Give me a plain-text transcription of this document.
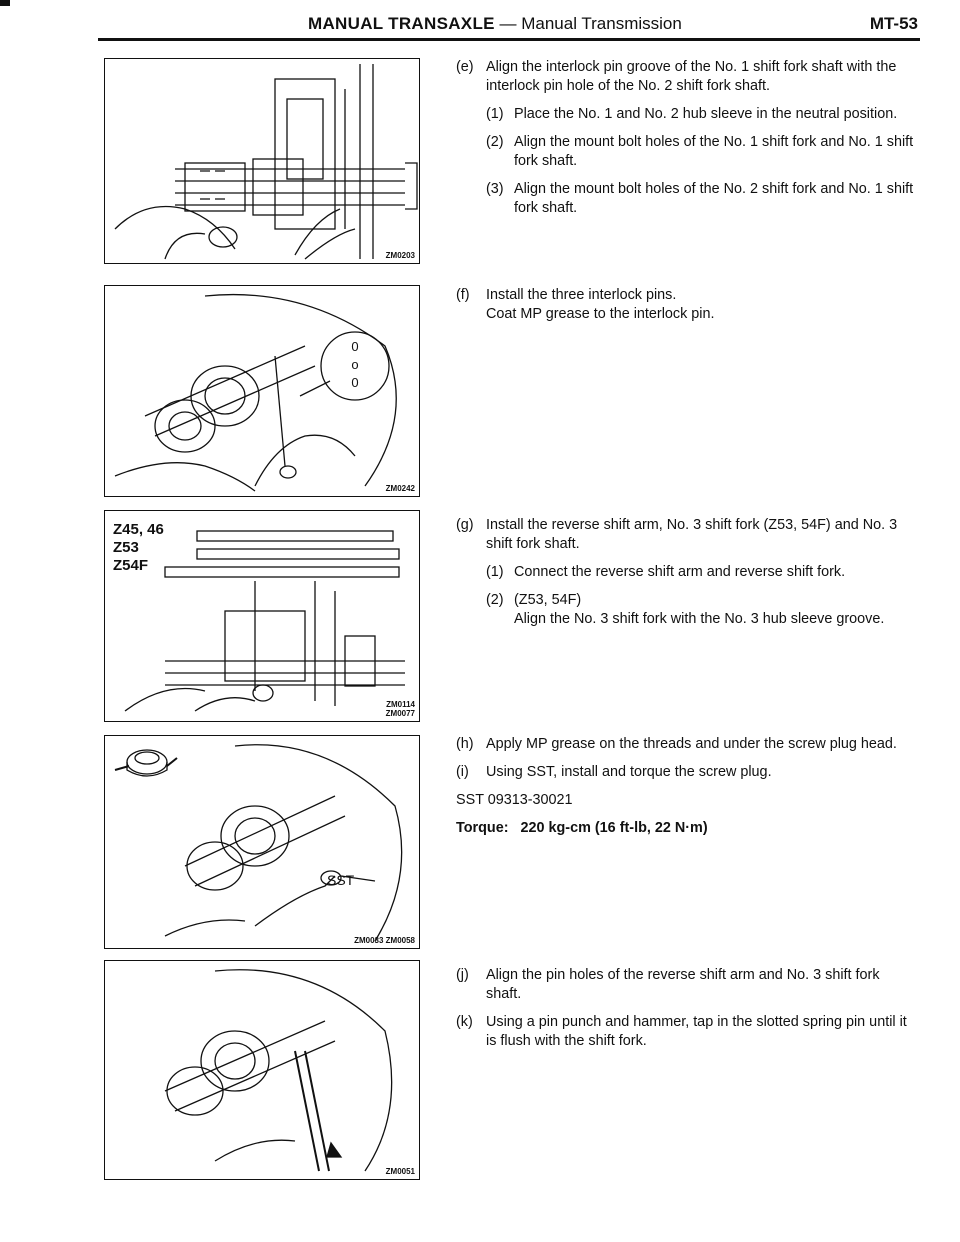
MANUAL TRANSAXLE — Manual Transmission	MT-53
ZM0203
0
o
0
ZM0242
Z45, 46
Z53
Z54F
ZM0114
ZM0077
SST
ZM0033 ZM0058
ZM0051
(e) Align the interlock pin groove of the No. 1 shift fork shaft with the interlock pin hole of the No. 2 shift fork shaft.
(1) Place the No. 1 and No. 2 hub sleeve in the neutral position.
(2) Align the mount bolt holes of the No. 1 shift fork and No. 1 shift fork shaft.
(3) Align the mount bolt holes of the No. 2 shift fork and No. 1 shift fork shaft.
(f) Install the three interlock pins.
Coat MP grease to the interlock pin.
(g) Install the reverse shift arm, No. 3 shift fork (Z53, 54F) and No. 3 shift fork shaft.
(1) Connect the reverse shift arm and reverse shift fork.
(2) (Z53, 54F)
Align the No. 3 shift fork with the No. 3 hub sleeve groove.
(h) Apply MP grease on the threads and under the screw plug head.
(i) Using SST, install and torque the screw plug.
SST 09313-30021
Torque: 220 kg-cm (16 ft-lb, 22 N·m)
(j) Align the pin holes of the reverse shift arm and No. 3 shift fork shaft.
(k) Using a pin punch and hammer, tap in the slotted spring pin until it is flush with the shift fork.
